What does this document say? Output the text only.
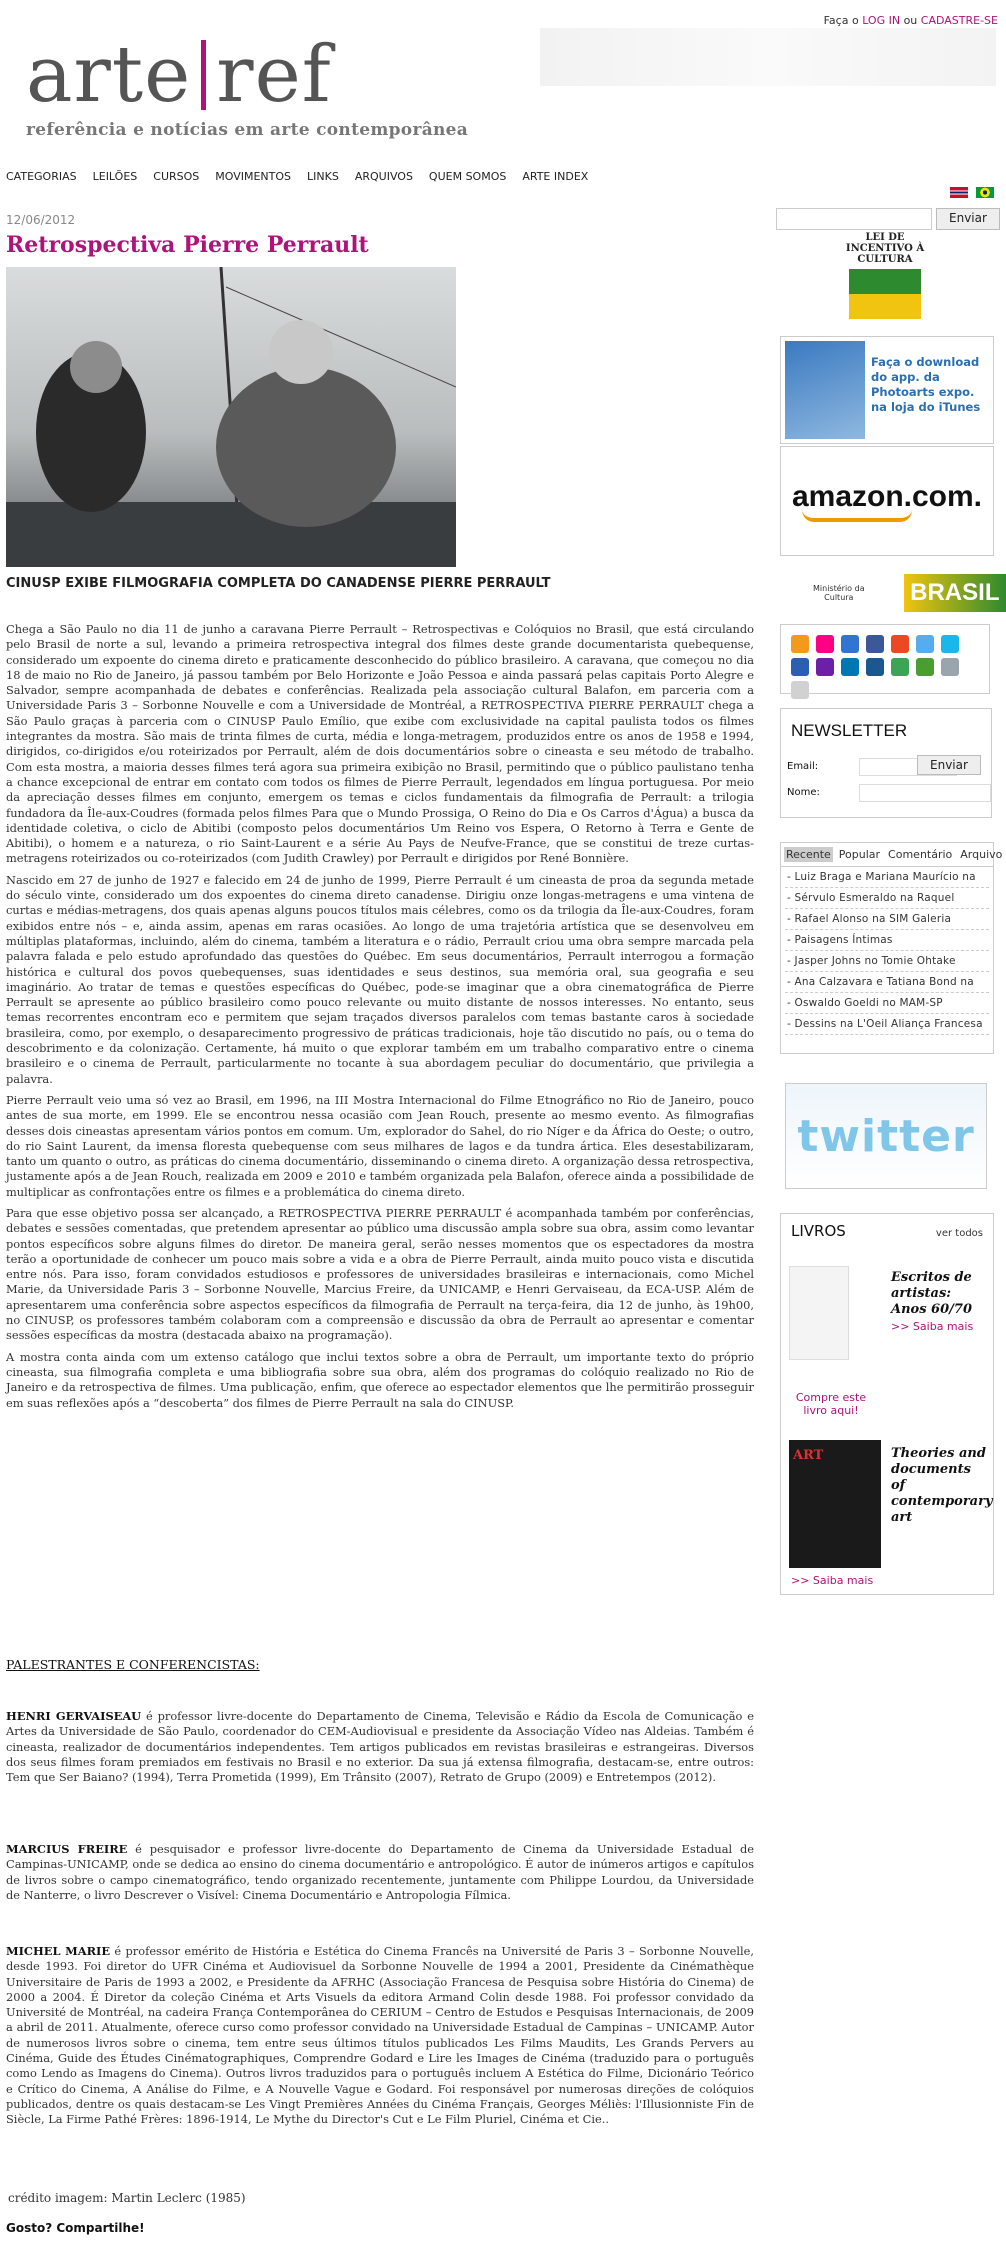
Faça o LOG IN ou CADASTRE-SE
arte ref
referência e notícias em arte contemporânea
CATEGORIAS LEILÕES CURSOS MOVIMENTOS LINKS ARQUIVOS QUEM SOMOS ARTE INDEX
12/06/2012
Retrospectiva Pierre Perrault
CINUSP EXIBE FILMOGRAFIA COMPLETA DO CANADENSE PIERRE PERRAULT

Chega a São Paulo no dia 11 de junho a caravana Pierre Perrault – Retrospectivas e Colóquios no Brasil, que está circulando pelo Brasil de norte a sul, levando a primeira retrospectiva integral dos filmes deste grande documentarista quebequense, considerado um expoente do cinema direto e praticamente desconhecido do público brasileiro. A caravana, que começou no dia 18 de maio no Rio de Janeiro, já passou também por Belo Horizonte e João Pessoa e ainda passará pelas capitais Porto Alegre e Salvador, sempre acompanhada de debates e conferências. Realizada pela associação cultural Balafon, em parceria com a Universidade Paris 3 – Sorbonne Nouvelle e com a Universidade de Montréal, a RETROSPECTIVA PIERRE PERRAULT chega a São Paulo graças à parceria com o CINUSP Paulo Emílio, que exibe com exclusividade na capital paulista todos os filmes integrantes da mostra. São mais de trinta filmes de curta, média e longa-metragem, produzidos entre os anos de 1958 e 1994, dirigidos, co-dirigidos e/ou roteirizados por Perrault, além de dois documentários sobre o cineasta e seu método de trabalho. Com esta mostra, a maioria desses filmes terá agora sua primeira exibição no Brasil, permitindo que o público paulistano tenha a chance excepcional de entrar em contato com todos os filmes de Pierre Perrault, legendados em língua portuguesa. Por meio da apreciação desses filmes em conjunto, emergem os temas e ciclos fundamentais da filmografia de Perrault: a trilogia fundadora da Île-aux-Coudres (formada pelos filmes Para que o Mundo Prossiga, O Reino do Dia e Os Carros d'Água) a busca da identidade coletiva, o ciclo de Abitibi (composto pelos documentários Um Reino vos Espera, O Retorno à Terra e Gente de Abitibi), o homem e a natureza, o rio Saint-Laurent e a série Au Pays de Neufve-France, que se constitui de treze curtas-metragens roteirizados ou co-roteirizados (com Judith Crawley) por Perrault e dirigidos por René Bonnière.

Nascido em 27 de junho de 1927 e falecido em 24 de junho de 1999, Pierre Perrault é um cineasta de proa da segunda metade do século vinte, considerado um dos expoentes do cinema direto canadense. Dirigiu onze longas-metragens e uma vintena de curtas e médias-metragens, dos quais apenas alguns poucos títulos mais célebres, como os da trilogia da Île-aux-Coudres, foram exibidos entre nós – e, ainda assim, apenas em raras ocasiões. Ao longo de uma trajetória artística que se desenvolveu em múltiplas plataformas, incluindo, além do cinema, também a literatura e o rádio, Perrault criou uma obra sempre marcada pela palavra falada e pelo estudo aprofundado das questões do Québec. Em seus documentários, Perrault interrogou a formação histórica e cultural dos povos quebequenses, suas identidades e seus destinos, sua memória oral, sua geografia e seu imaginário. Ao tratar de temas e questões específicas do Québec, pode-se imaginar que a obra cinematográfica de Pierre Perrault se apresente ao público brasileiro como pouco relevante ou muito distante de nossos interesses. No entanto, seus temas recorrentes encontram eco e permitem que sejam traçados diversos paralelos com temas bastante caros à sociedade brasileira, como, por exemplo, o desaparecimento progressivo de práticas tradicionais, hoje tão discutido no país, ou o tema do descobrimento e da colonização. Certamente, há muito o que explorar também em um trabalho comparativo entre o cinema brasileiro e o cinema de Perrault, particularmente no tocante à sua abordagem peculiar do documentário, que privilegia a palavra.

Pierre Perrault veio uma só vez ao Brasil, em 1996, na III Mostra Internacional do Filme Etnográfico no Rio de Janeiro, pouco antes de sua morte, em 1999. Ele se encontrou nessa ocasião com Jean Rouch, presente ao mesmo evento. As filmografias desses dois cineastas apresentam vários pontos em comum. Um, explorador do Sahel, do rio Níger e da África do Oeste; o outro, do rio Saint Laurent, da imensa floresta quebequense com seus milhares de lagos e da tundra ártica. Eles desestabilizaram, tanto um quanto o outro, as práticas do cinema documentário, disseminando o cinema direto. A organização dessa retrospectiva, justamente após a de Jean Rouch, realizada em 2009 e 2010 e também organizada pela Balafon, oferece ainda a possibilidade de multiplicar as confrontações entre os filmes e a problemática do cinema direto.

Para que esse objetivo possa ser alcançado, a RETROSPECTIVA PIERRE PERRAULT é acompanhada também por conferências, debates e sessões comentadas, que pretendem apresentar ao público uma discussão ampla sobre sua obra, assim como levantar pontos específicos sobre alguns filmes do diretor. De maneira geral, serão nesses momentos que os espectadores da mostra terão a oportunidade de conhecer um pouco mais sobre a vida e a obra de Pierre Perrault, ainda muito pouco vista e discutida entre nós. Para isso, foram convidados estudiosos e professores de universidades brasileiras e internacionais, como Michel Marie, da Universidade Paris 3 – Sorbonne Nouvelle, Marcius Freire, da UNICAMP, e Henri Gervaiseau, da ECA-USP. Além de apresentarem uma conferência sobre aspectos específicos da filmografia de Perrault na terça-feira, dia 12 de junho, às 19h00, no CINUSP, os professores também colaboram com a compreensão e discussão da obra de Perrault ao apresentar e comentar sessões específicas da mostra (destacada abaixo na programação).

A mostra conta ainda com um extenso catálogo que inclui textos sobre a obra de Perrault, um importante texto do próprio cineasta, sua filmografia completa e uma bibliografia sobre sua obra, além dos programas do colóquio realizado no Rio de Janeiro e da retrospectiva de filmes. Uma publicação, enfim, que oferece ao espectador elementos que lhe permitirão prosseguir em suas reflexões após a “descoberta” dos filmes de Pierre Perrault na sala do CINUSP.

PALESTRANTES E CONFERENCISTAS:
HENRI GERVAISEAU é professor livre-docente do Departamento de Cinema, Televisão e Rádio da Escola de Comunicação e Artes da Universidade de São Paulo, coordenador do CEM-Audiovisual e presidente da Associação Vídeo nas Aldeias. Também é cineasta, realizador de documentários independentes. Tem artigos publicados em revistas brasileiras e estrangeiras. Diversos dos seus filmes foram premiados em festivais no Brasil e no exterior. Da sua já extensa filmografia, destacam-se, entre outros: Tem que Ser Baiano? (1994), Terra Prometida (1999), Em Trânsito (2007), Retrato de Grupo (2009) e Entretempos (2012).
MARCIUS FREIRE é pesquisador e professor livre-docente do Departamento de Cinema da Universidade Estadual de Campinas-UNICAMP, onde se dedica ao ensino do cinema documentário e antropológico. É autor de inúmeros artigos e capítulos de livros sobre o campo cinematográfico, tendo organizado recentemente, juntamente com Philippe Lourdou, da Universidade de Nanterre, o livro Descrever o Visível: Cinema Documentário e Antropologia Fílmica.
MICHEL MARIE é professor emérito de História e Estética do Cinema Francês na Université de Paris 3 – Sorbonne Nouvelle, desde 1993. Foi diretor do UFR Cinéma et Audiovisuel da Sorbonne Nouvelle de 1994 a 2001, Presidente da Cinémathèque Universitaire de Paris de 1993 a 2002, e Presidente da AFRHC (Associação Francesa de Pesquisa sobre História do Cinema) de 2000 a 2004. É Diretor da coleção Cinéma et Arts Visuels da editora Armand Colin desde 1988. Foi professor convidado da Université de Montréal, na cadeira França Contemporânea do CERIUM – Centro de Estudos e Pesquisas Internacionais, de 2009 a abril de 2011. Atualmente, oferece curso como professor convidado na Universidade Estadual de Campinas – UNICAMP. Autor de numerosos livros sobre o cinema, tem entre seus últimos títulos publicados Les Films Maudits, Les Grands Pervers au Cinéma, Guide des Études Cinématographiques, Comprendre Godard e Lire les Images de Cinéma (traduzido para o português como Lendo as Imagens do Cinema). Outros livros traduzidos para o português incluem A Estética do Filme, Dicionário Teórico e Crítico do Cinema, A Análise do Filme, e A Nouvelle Vague e Godard. Foi responsável por numerosas direções de colóquios publicados, dentre os quais destacam-se Les Vingt Premières Années du Cinéma Français, Georges Méliès: l'Illusionniste Fin de Siècle, La Firme Pathé Frères: 1896-1914, Le Mythe du Director's Cut e Le Film Pluriel, Cinéma et Cie..
crédito imagem: Martin Leclerc (1985)
Gosto? Compartilhe!
Enviar
LEI DE INCENTIVO À CULTURA
Faça o download do app. da Photoarts expo. na loja do iTunes
amazon.com.
Ministério da Cultura	BRASIL
NEWSLETTER
Email:	Enviar
Nome:
Recente Popular Comentário Arquivo
- Luiz Braga e Mariana Maurício na
- Sérvulo Esmeraldo na Raquel
- Rafael Alonso na SIM Galeria
- Paisagens Íntimas
- Jasper Johns no Tomie Ohtake
- Ana Calzavara e Tatiana Bond na
- Oswaldo Goeldi no MAM-SP
- Dessins na L'Oeil Aliança Francesa
twitter
LIVROS	ver todos
Escritos de artistas: Anos 60/70
>> Saiba mais
Compre este livro aqui!
ART	Theories and documents of contemporary art
>> Saiba mais
